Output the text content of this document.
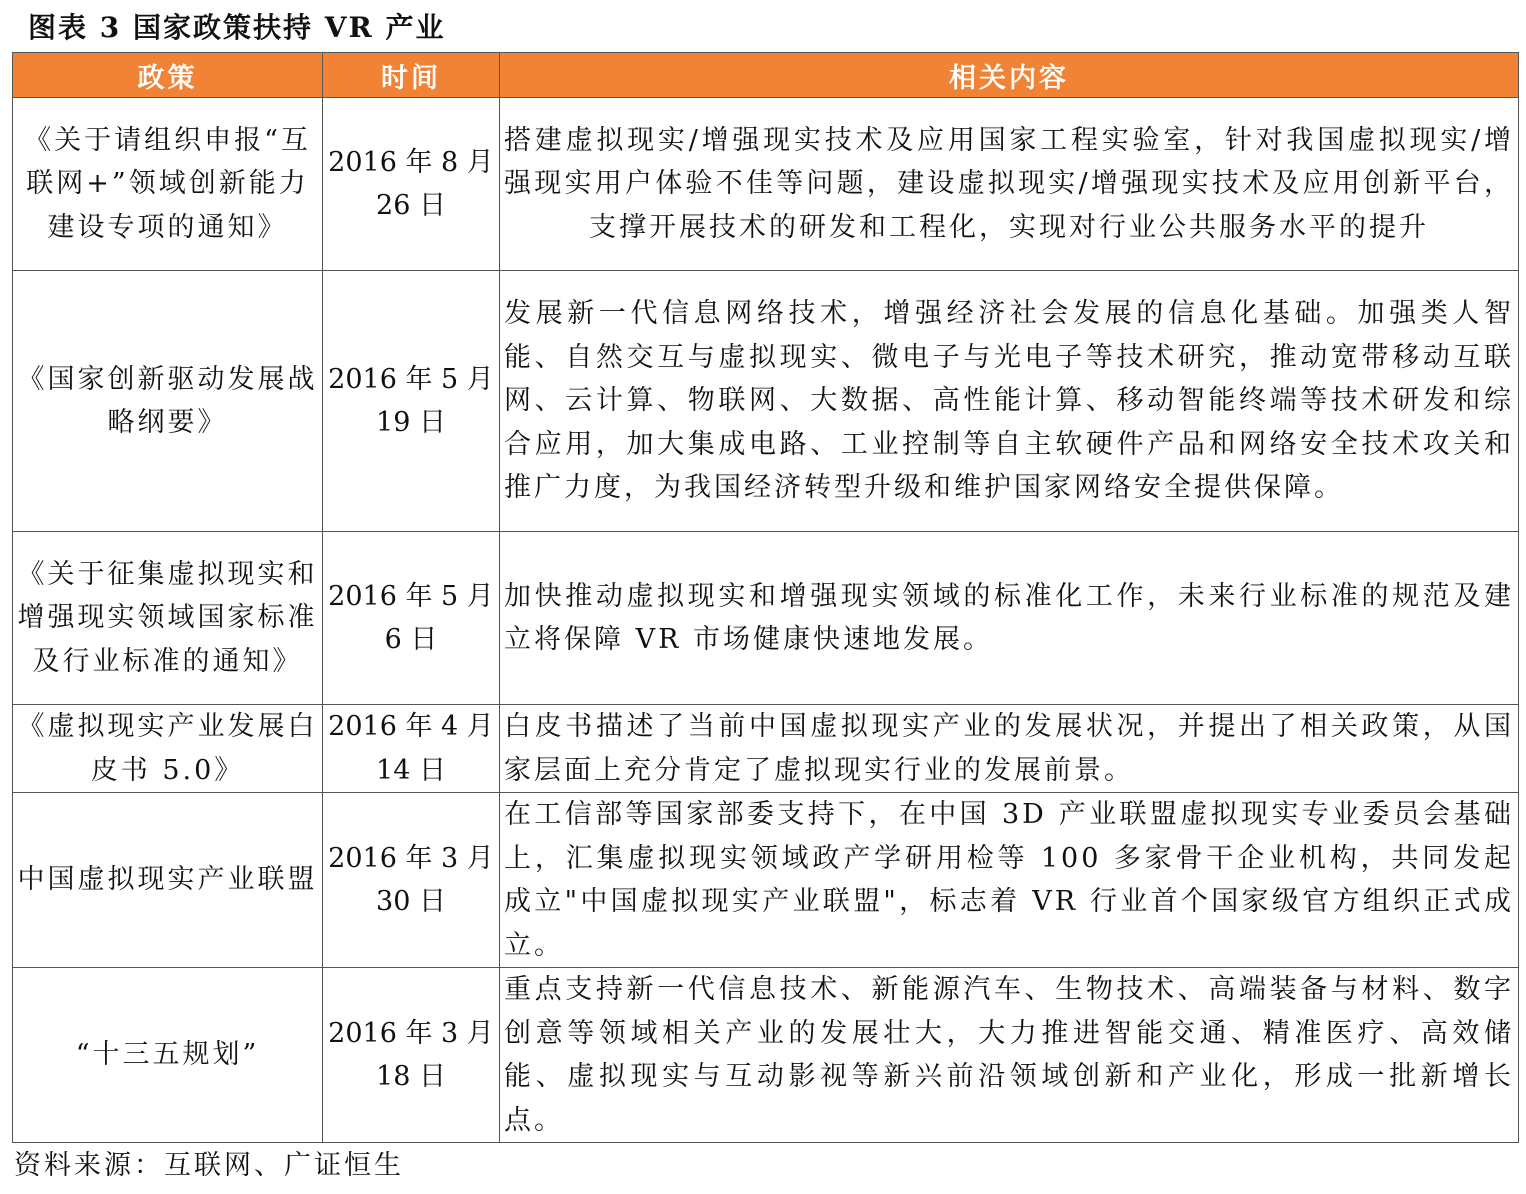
图表 3 国家政策扶持 VR 产业
政策	时间	相关内容
《关于请组织申报“互联网+”领域创新能力建设专项的通知》	2016 年 8 月 26 日	搭建虚拟现实/增强现实技术及应用国家工程实验室，针对我国虚拟现实/增强现实用户体验不佳等问题，建设虚拟现实/增强现实技术及应用创新平台，支撑开展技术的研发和工程化，实现对行业公共服务水平的提升
《国家创新驱动发展战略纲要》	2016 年 5 月 19 日	发展新一代信息网络技术，增强经济社会发展的信息化基础。加强类人智能、自然交互与虚拟现实、微电子与光电子等技术研究，推动宽带移动互联网、云计算、物联网、大数据、高性能计算、移动智能终端等技术研发和综合应用，加大集成电路、工业控制等自主软硬件产品和网络安全技术攻关和推广力度，为我国经济转型升级和维护国家网络安全提供保障。
《关于征集虚拟现实和增强现实领域国家标准及行业标准的通知》	2016 年 5 月 6 日	加快推动虚拟现实和增强现实领域的标准化工作，未来行业标准的规范及建立将保障 VR 市场健康快速地发展。
《虚拟现实产业发展白皮书 5.0》	2016 年 4 月 14 日	白皮书描述了当前中国虚拟现实产业的发展状况，并提出了相关政策，从国家层面上充分肯定了虚拟现实行业的发展前景。
中国虚拟现实产业联盟	2016 年 3 月 30 日	在工信部等国家部委支持下，在中国 3D 产业联盟虚拟现实专业委员会基础上，汇集虚拟现实领域政产学研用检等 100 多家骨干企业机构，共同发起成立"中国虚拟现实产业联盟"，标志着 VR 行业首个国家级官方组织正式成立。
“十三五规划”	2016 年 3 月 18 日	重点支持新一代信息技术、新能源汽车、生物技术、高端装备与材料、数字创意等领域相关产业的发展壮大，大力推进智能交通、精准医疗、高效储能、虚拟现实与互动影视等新兴前沿领域创新和产业化，形成一批新增长点。
资料来源：互联网、广证恒生
